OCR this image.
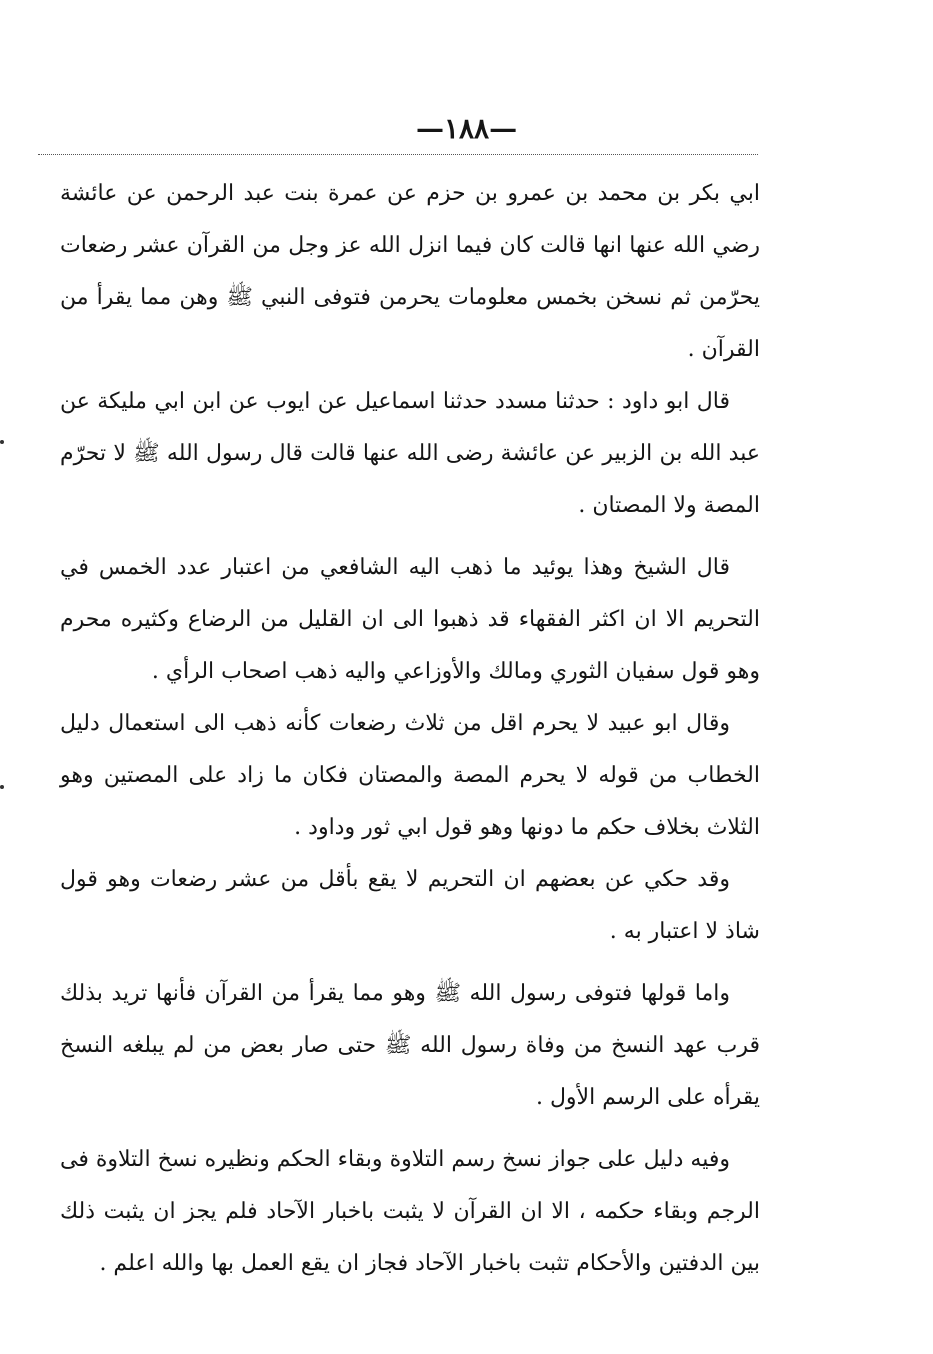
—١٨٨—

ابي بكر بن محمد بن عمرو بن حزم عن عمرة بنت عبد الرحمن عن عائشة رضي الله عنها انها قالت كان فيما انزل الله عز وجل من القرآن عشر رضعات يحرّمن ثم نسخن بخمس معلومات يحرمن فتوفى النبي ﷺ وهن مما يقرأ من القرآن .

قال ابو داود : حدثنا مسدد حدثنا اسماعيل عن ايوب عن ابن ابي مليكة عن عبد الله بن الزبير عن عائشة رضى الله عنها قالت قال رسول الله ﷺ لا تحرّم المصة ولا المصتان .

قال الشيخ وهذا يوئيد ما ذهب اليه الشافعي من اعتبار عدد الخمس في التحريم الا ان اكثر الفقهاء قد ذهبوا الى ان القليل من الرضاع وكثيره محرم وهو قول سفيان الثوري ومالك والأوزاعي واليه ذهب اصحاب الرأي .

وقال ابو عبيد لا يحرم اقل من ثلاث رضعات كأنه ذهب الى استعمال دليل الخطاب من قوله لا يحرم المصة والمصتان فكان ما زاد على المصتين وهو الثلاث بخلاف حكم ما دونها وهو قول ابي ثور وداود .

وقد حكي عن بعضهم ان التحريم لا يقع بأقل من عشر رضعات وهو قول شاذ لا اعتبار به .

واما قولها فتوفى رسول الله ﷺ وهو مما يقرأ من القرآن فأنها تريد بذلك قرب عهد النسخ من وفاة رسول الله ﷺ حتى صار بعض من لم يبلغه النسخ يقرأه على الرسم الأول .

وفيه دليل على جواز نسخ رسم التلاوة وبقاء الحكم ونظيره نسخ التلاوة فى الرجم وبقاء حكمه ، الا ان القرآن لا يثبت باخبار الآحاد فلم يجز ان يثبت ذلك بين الدفتين والأحكام تثبت باخبار الآحاد فجاز ان يقع العمل بها والله اعلم .
